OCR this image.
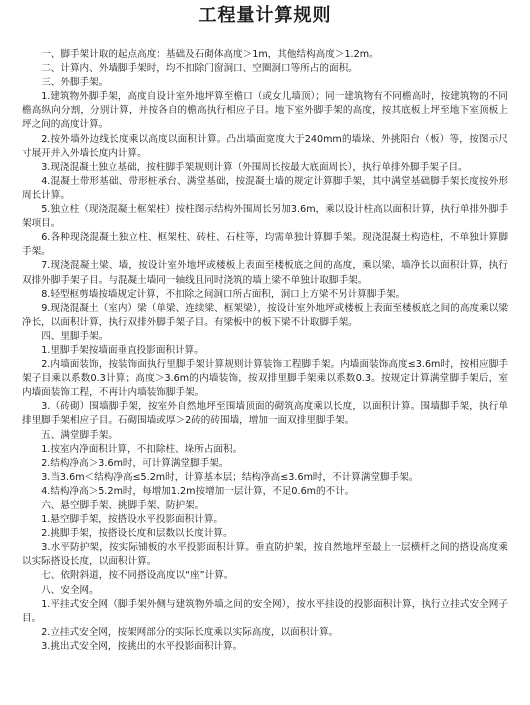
工程量计算规则

一、脚手架计取的起点高度：基础及石砌体高度＞1m，其他结构高度＞1.2m。

二、计算内、外墙脚手架时，均不扣除门窗洞口、空圈洞口等所占的面积。

三、外脚手架。

1.建筑物外脚手架，高度自设计室外地坪算至檐口（或女儿墙顶）；同一建筑物有不同檐高时，按建筑物的不同檐高纵向分割，分别计算，并按各自的檐高执行相应子目。地下室外脚手架的高度，按其底板上坪至地下室顶板上坪之间的高度计算。

2.按外墙外边线长度乘以高度以面积计算。凸出墙面宽度大于240mm的墙垛、外挑阳台（板）等，按图示尺寸展开并入外墙长度内计算。

3.现浇混凝土独立基础，按柱脚手架规则计算（外围周长按最大底面周长），执行单排外脚手架子目。

4.混凝土带形基础、带形桩承台、满堂基础，按混凝土墙的规定计算脚手架，其中满堂基础脚手架长度按外形周长计算。

5.独立柱（现浇混凝土框架柱）按柱图示结构外围周长另加3.6m，乘以设计柱高以面积计算，执行单排外脚手架项目。

6.各种现浇混凝土独立柱、框架柱、砖柱、石柱等，均需单独计算脚手架。现浇混凝土构造柱，不单独计算脚手架。

7.现浇混凝土梁、墙，按设计室外地坪或楼板上表面至楼板底之间的高度，乘以梁、墙净长以面积计算，执行双排外脚手架子目。与混凝土墙同一轴线且同时浇筑的墙上梁不单独计取脚手架。

8.轻型框剪墙按墙规定计算，不扣除之间洞口所占面积，洞口上方梁不另计算脚手架。

9.现浇混凝土（室内）梁（单梁、连续梁、框架梁），按设计室外地坪或楼板上表面至楼板底之间的高度乘以梁净长，以面积计算，执行双排外脚手架子目。有梁板中的板下梁不计取脚手架。

四、里脚手架。

1.里脚手架按墙面垂直投影面积计算。

2.内墙面装饰，按装饰面执行里脚手架计算规则计算装饰工程脚手架。内墙面装饰高度≤3.6m时，按相应脚手架子目乘以系数0.3计算；高度＞3.6m的内墙装饰，按双排里脚手架乘以系数0.3。按规定计算满堂脚手架后，室内墙面装饰工程，不再计内墙装饰脚手架。

3.（砖砌）围墙脚手架，按室外自然地坪至围墙顶面的砌筑高度乘以长度，以面积计算。围墙脚手架，执行单排里脚手架相应子目。石砌围墙或厚＞2砖的砖围墙，增加一面双排里脚手架。

五、满堂脚手架。

1.按室内净面积计算，不扣除柱、垛所占面积。

2.结构净高＞3.6m时，可计算满堂脚手架。

3.当3.6m＜结构净高≤5.2m时，计算基本层；结构净高≤3.6m时，不计算满堂脚手架。

4.结构净高＞5.2m时，每增加1.2m按增加一层计算，不足0.6m的不计。

六、悬空脚手架、挑脚手架、防护架。

1.悬空脚手架，按搭设水平投影面积计算。

2.挑脚手架，按搭设长度和层数以长度计算。

3.水平防护架，按实际铺板的水平投影面积计算。垂直防护架，按自然地坪至最上一层横杆之间的搭设高度乘以实际搭设长度，以面积计算。

七、依附斜道，按不同搭设高度以“座”计算。

八、安全网。

1.平挂式安全网（脚手架外侧与建筑物外墙之间的安全网），按水平挂设的投影面积计算，执行立挂式安全网子目。

2.立挂式安全网，按架网部分的实际长度乘以实际高度，以面积计算。

3.挑出式安全网，按挑出的水平投影面积计算。
